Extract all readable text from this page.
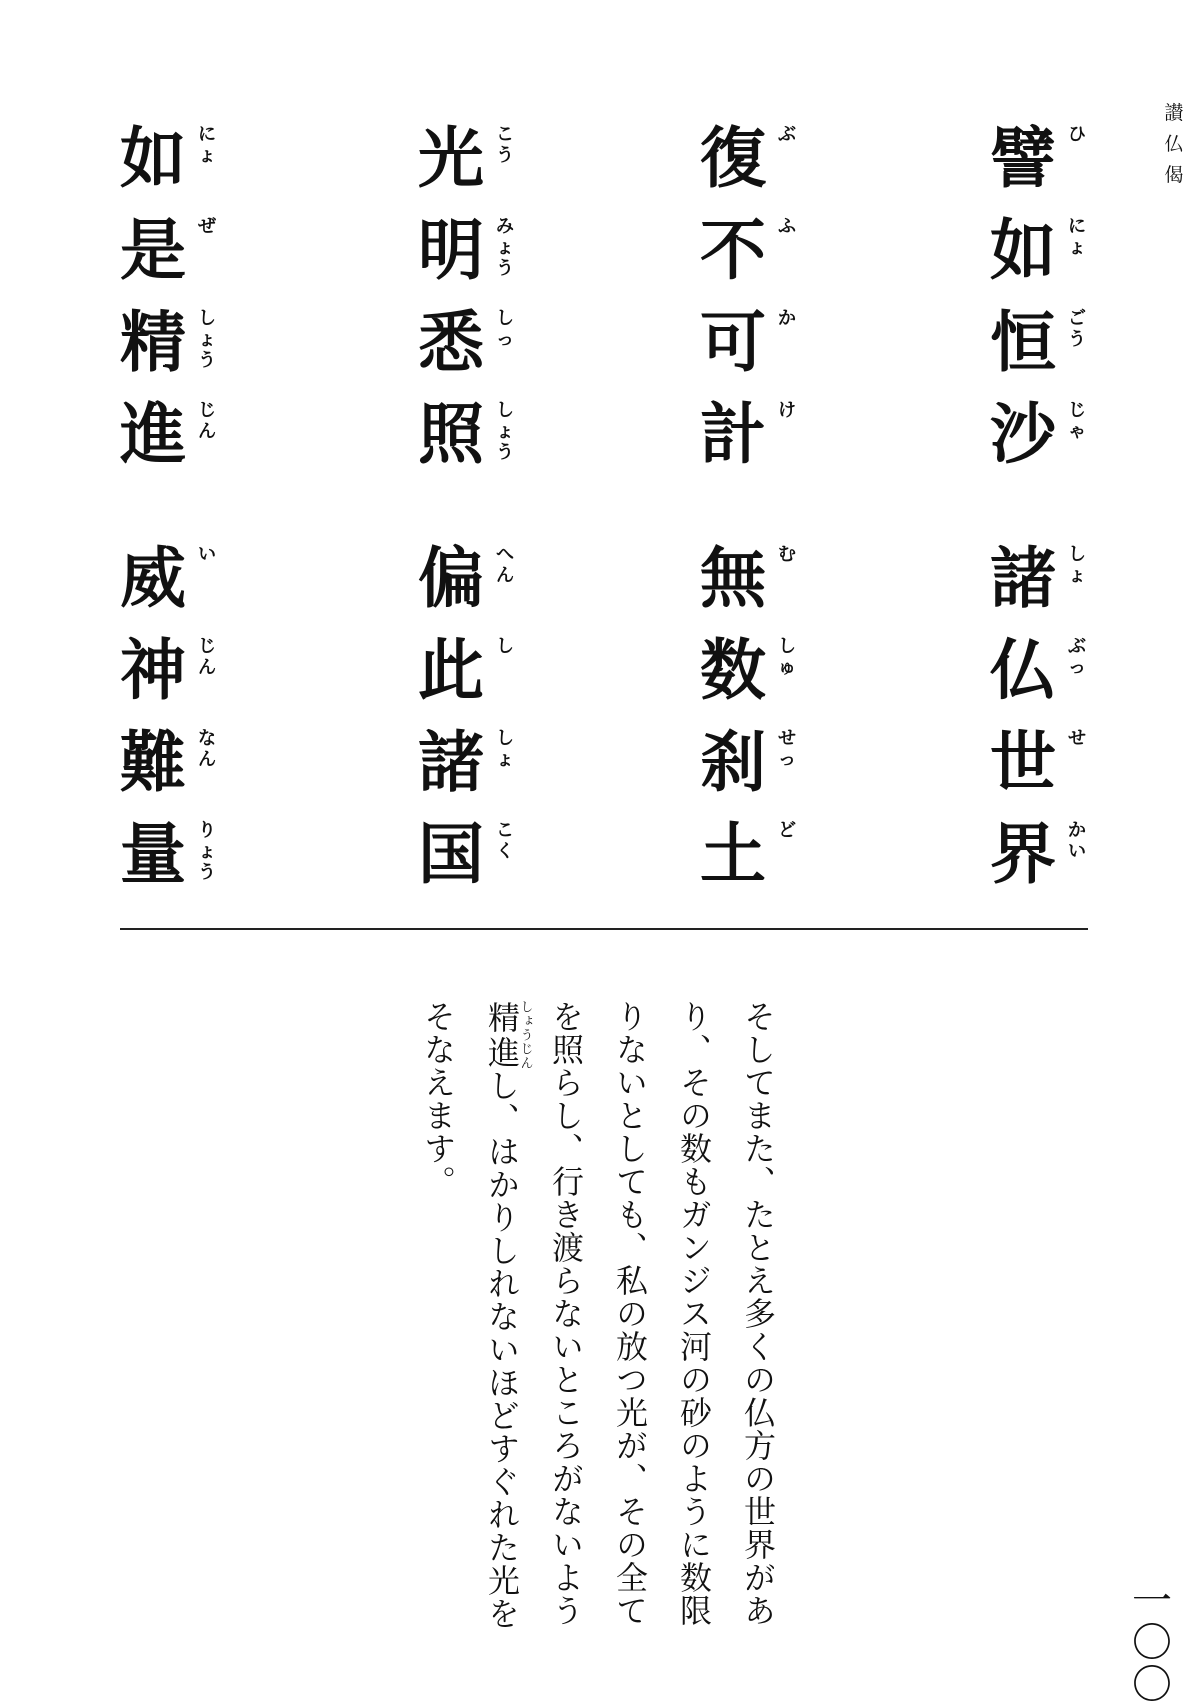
讃
仏
偈
譬 ひ
如 に
ょ
恒 ご
う
沙 じ
ゃ
諸 し
ょ
仏 ぶ
っ
世 せ
界 か
い
復 ぶ
不 ふ
可 か
計 け
無 む
数 し
ゅ
刹 せ
っ
土 ど
光 こ
う
明 み
ょ
う
悉 し
っ
照 し
ょ
う
偏 へ
ん
此 し
諸 し
ょ
国 こ
く
如 に
ょ
是 ぜ
精 し
ょ
う
進 じ
ん
威 い
神 じ
ん
難 な
ん
量 り
ょ
う
そしてまた、たとえ多くの仏方の世界があり、その数もガンジス河の砂のように数限りないとしても、私の放つ光が、その全てを照らし、行き渡らないところがないよう精進しょうじんし、はかりしれないほどすぐれた光をそなえます。
一
〇
〇
